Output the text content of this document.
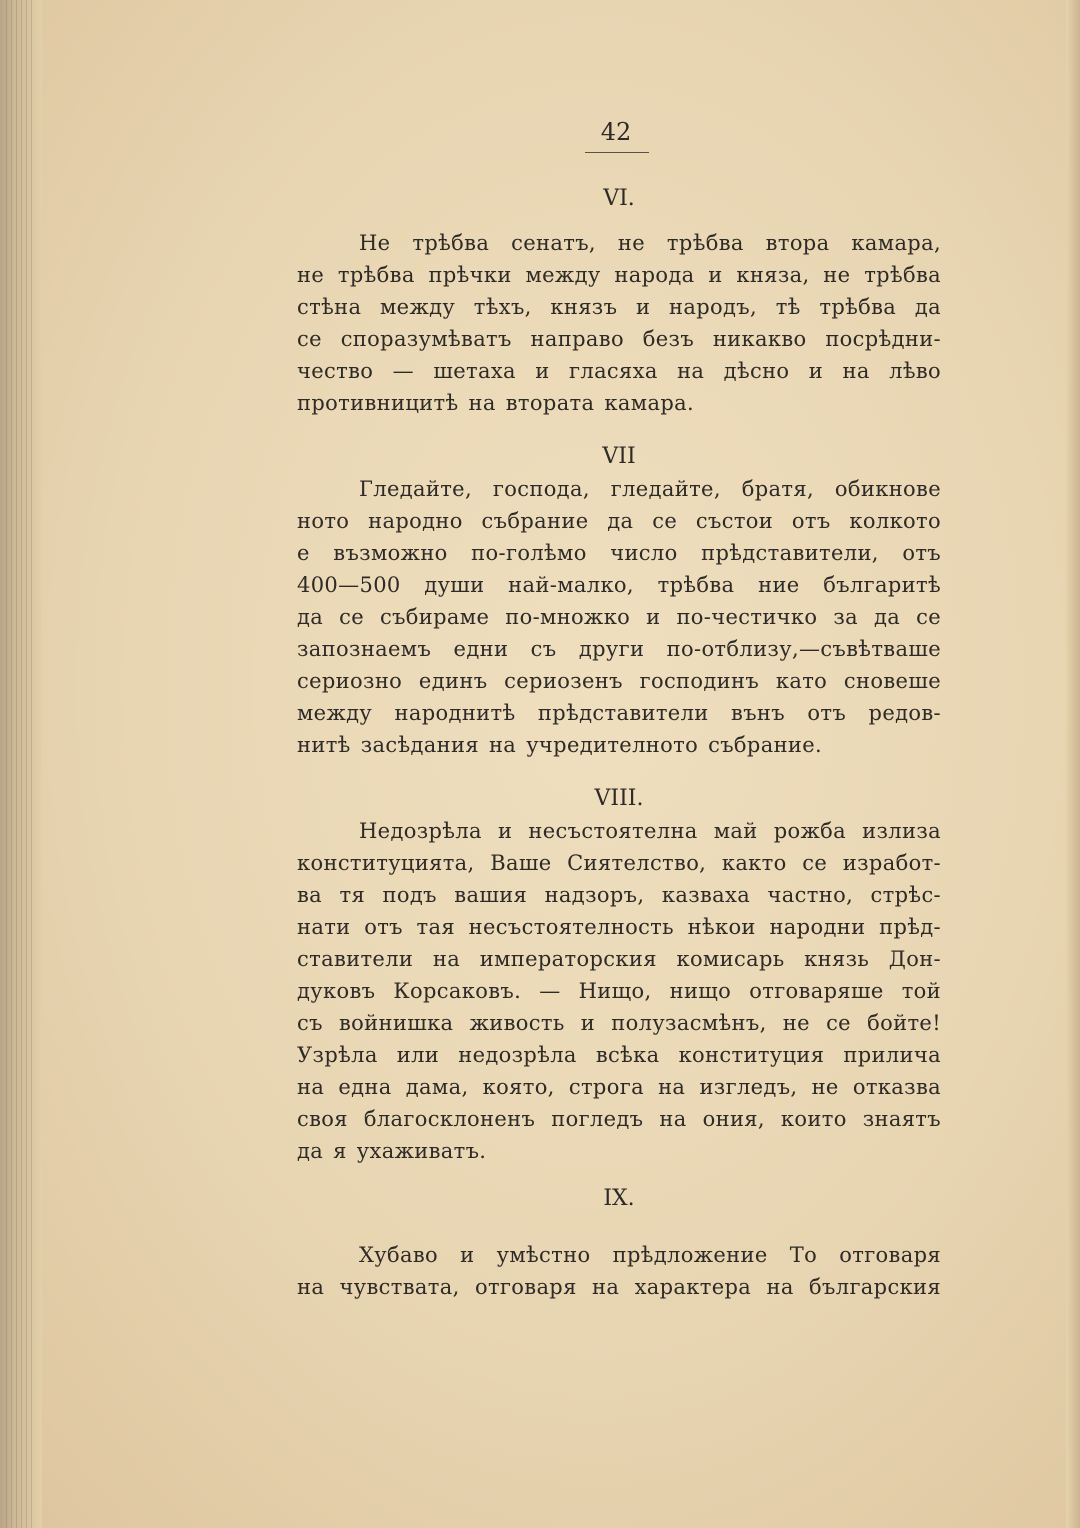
42
VI.
Не трѣбва сенатъ, не трѣбва втора камара,
не трѣбва прѣчки между народа и княза, не трѣбва
стѣна между тѣхъ, князъ и народъ, тѣ трѣбва да
се споразумѣватъ направо безъ никакво посрѣдни-
чество — шетаха и гласяха на дѣсно и на лѣво
противницитѣ на втората камара.
VII
Гледайте, господа, гледайте, братя, обикнове
ното народно събрание да се състои отъ колкото
е възможно по-голѣмо число прѣдставители, отъ
400—500 души най-малко, трѣбва ние българитѣ
да се събираме по-множко и по-честичко за да се
запознаемъ едни съ други по-отблизу,—съвѣтваше
сериозно единъ сериозенъ господинъ като сновеше
между народнитѣ прѣдставители вънъ отъ редов-
нитѣ засѣдания на учредителното събрание.
VIII.
Недозрѣла и несъстоятелна май рожба излиза
конституцията, Ваше Сиятелство, както се изработ-
ва тя подъ вашия надзоръ, казваха частно, стрѣс-
нати отъ тая несъстоятелность нѣкои народни прѣд-
ставители на императорския комисарь князь Дон-
дуковъ Корсаковъ. — Нищо, нищо отговаряше той
съ войнишка живость и полузасмѣнъ, не се бойте!
Узрѣла или недозрѣла всѣка конституция прилича
на една дама, която, строга на изгледъ, не отказва
своя благосклоненъ погледъ на ония, които знаятъ
да я ухаживатъ.
IX.
Хубаво и умѣстно прѣдложение То отговаря
на чувствата, отговаря на характера на българския
